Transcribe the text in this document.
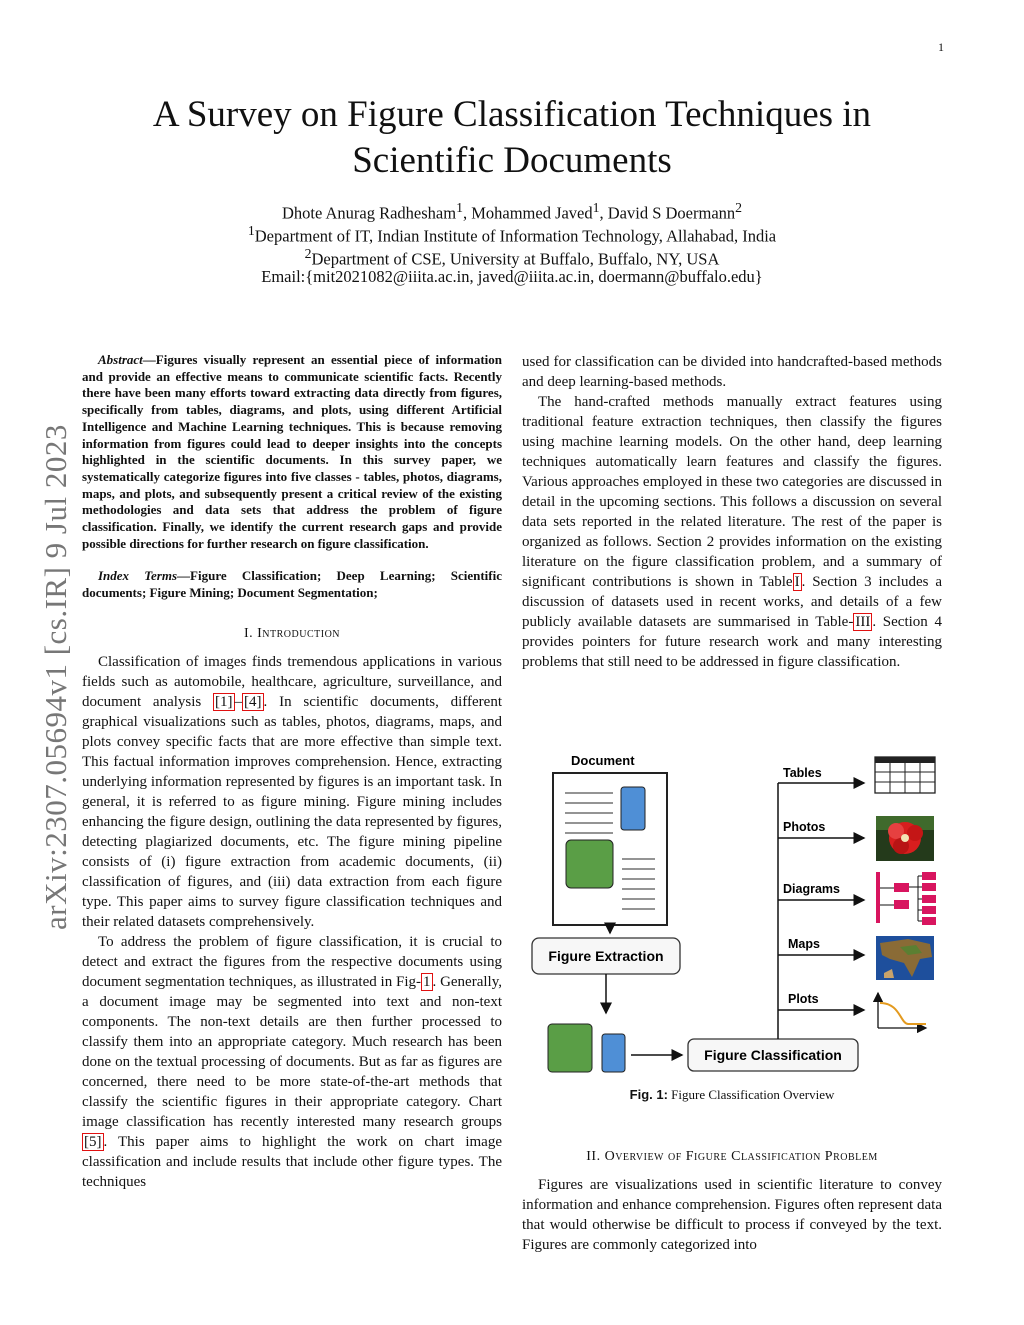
1
A Survey on Figure Classification Techniques in
Scientific Documents
Dhote Anurag Radhesham$^1$, Mohammed Javed$^1$, David S Doermann$^2$
$^1$Department of IT, Indian Institute of Information Technology, Allahabad, India
$^2$Department of CSE, University at Buffalo, Buffalo, NY, USA
Email:{mit2021082@iiita.ac.in, javed@iiita.ac.in, doermann@buffalo.edu}
arXiv:2307.05694v1 [cs.IR] 9 Jul 2023

Abstract—Figures visually represent an essential piece of information and provide an effective means to communicate scientific facts. Recently there have been many efforts toward extracting data directly from figures, specifically from tables, diagrams, and plots, using different Artificial Intelligence and Machine Learning techniques. This is because removing information from figures could lead to deeper insights into the concepts highlighted in the scientific documents. In this survey paper, we systematically categorize figures into five classes - tables, photos, diagrams, maps, and plots, and subsequently present a critical review of the existing methodologies and data sets that address the problem of figure classification. Finally, we identify the current research gaps and provide possible directions for further research on figure classification.

Index Terms—Figure Classification; Deep Learning; Scientific documents; Figure Mining; Document Segmentation;

I. Introduction

Classification of images finds tremendous applications in various fields such as automobile, healthcare, agriculture, surveillance, and document analysis [1] – [4] . In scientific documents, different graphical visualizations such as tables, photos, diagrams, maps, and plots convey specific facts that are more effective than simple text. This factual information improves comprehension. Hence, extracting underlying information represented by figures is an important task. In general, it is referred to as figure mining. Figure mining includes enhancing the figure design, outlining the data represented by figures, detecting plagiarized documents, etc. The figure mining pipeline consists of (i) figure extraction from academic documents, (ii) classification of figures, and (iii) data extraction from each figure type. This paper aims to survey figure classification techniques and their related datasets comprehensively.

To address the problem of figure classification, it is crucial to detect and extract the figures from the respective documents using document segmentation techniques, as illustrated in Fig- 1 . Generally, a document image may be segmented into text and non-text components. The non-text details are then further processed to classify them into an appropriate category. Much research has been done on the textual processing of documents. But as far as figures are concerned, there need to be more state-of-the-art methods that classify the scientific figures in their appropriate category. Chart image classification has recently interested many research groups [5] . This paper aims to highlight the work on chart image classification and include results that include other figure types. The techniques

used for classification can be divided into handcrafted-based methods and deep learning-based methods.

The hand-crafted methods manually extract features using traditional feature extraction techniques, then classify the figures using machine learning models. On the other hand, deep learning techniques automatically learn features and classify the figures. Various approaches employed in these two categories are discussed in detail in the upcoming sections. This follows a discussion on several data sets reported in the related literature. The rest of the paper is organized as follows. Section 2 provides information on the existing literature on the figure classification problem, and a summary of significant contributions is shown in Table I . Section 3 includes a discussion of datasets used in recent works, and details of a few publicly available datasets are summarised in Table- III . Section 4 provides pointers for future research work and many interesting problems that still need to be addressed in figure classification.

Document
Figure Extraction
Figure Classification
Tables
Photos
Diagrams
Maps
Plots
Fig. 1: Figure Classification Overview
II. Overview of Figure Classification Problem

Figures are visualizations used in scientific literature to convey information and enhance comprehension. Figures often represent data that would otherwise be difficult to process if conveyed by the text. Figures are commonly categorized into
